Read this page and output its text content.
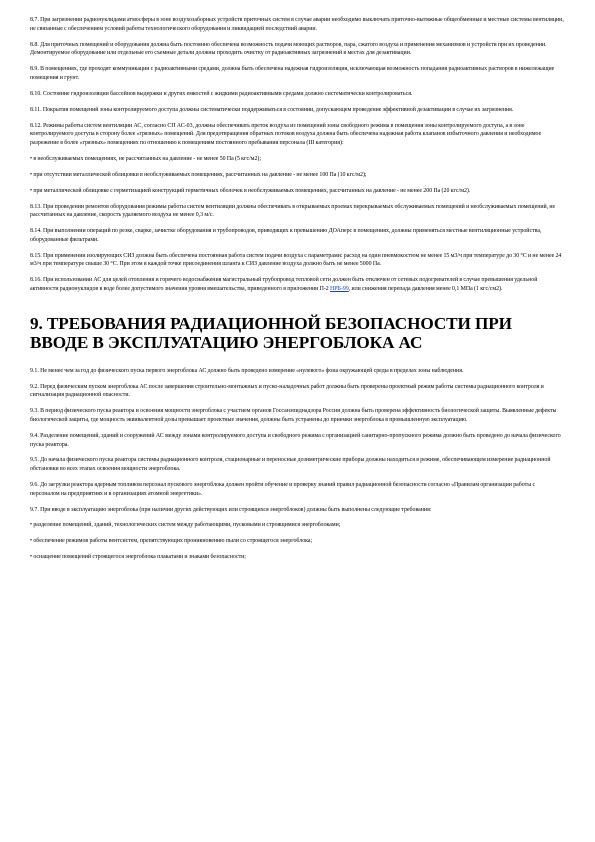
8.7. При загрязнении радионуклидами атмосферы в зоне воздухозаборных устройств приточных систем в случае аварии необходимо выключать приточно-вытяжные общеобменные и местные системы вентиляции, не связанные с обеспечением условий работы технологического оборудования и ликвидацией последствий аварии.

8.8. Для приточных помещений и оборудования должна быть постоянно обеспечена возможность подачи моющих растворов, пара, сжатого воздуха и применения механизмов и устройств при их проведении. Демонтируемое оборудование или отдельные его съемные детали должны проходить очистку от радиоактивных загрязнений в местах для дезактивации.

8.9. В помещениях, где проходят коммуникации с радиоактивными средами, должна быть обеспечена надежная гидроизоляция, исключающая возможность попадания радиоактивных растворов в нижележащие помещения и грунт.

8.10. Состояние гидроизоляции бассейнов выдержки и других емкостей с жидкими радиоактивными средами должно систематически контролироваться.

8.11. Покрытия помещений зоны контролируемого доступа должны систематически поддерживаться в состоянии, допускающем проведение эффективной дезактивации в случае их загрязнения.

8.12. Режимы работы систем вентиляции АС, согласно СП АС-03, должны обеспечивать преток воздуха из помещений зоны свободного режима в помещения зоны контролируемого доступа, а в зоне контролируемого доступа в сторону более «грязных» помещений. Для предотвращения обратных потоков воздуха должна быть обеспечена надежная работа клапанов избыточного давления и необходимое разрежение в более «грязных» помещениях по отношению к помещениям постоянного пребывания персонала (III категория):

• в необслуживаемых помещениях, не рассчитанных на давление - не менее 50 Па (5 кгс/м2);

• при отсутствии металлической облицовки в необслуживаемых помещениях, рассчитанных на давление - не менее 100 Па (10 кгс/м2);

• при металлической облицовке с герметизацией конструкций герметичных оболочек в необслуживаемых помещениях, рассчитанных на давление - не менее 200 Па (20 кгс/м2).

8.13. При проведении ремонтов оборудования режимы работы систем вентиляции должны обеспечивать в открываемых проемах перекрываемых обслуживаемых помещений и необслуживаемых помещений, не рассчитанных на давление, скорость удаляемого воздуха не менее 0,3 м/с.

8.14. При выполнении операций по резке, сварке, зачистке оборудования и трубопроводов, приводящих к превышению ДОАперс в помещениях, должны применяться местные вентиляционные устройства, оборудованные фильтрами.

8.15. При применении изолирующих СИЗ должна быть обеспечена постоянная работа систем подачи воздуха с параметрами: расход на один пневмокостюм не менее 15 м3/ч при температуре до 30 °С и не менее 24 м3/ч при температуре свыше 30 °С. При этом в каждой точке присоединения шланга к СИЗ давление воздуха должно быть не менее 5000 Па.

8.16. При использовании АС для целей отопления и горячего водоснабжения магистральный трубопровод тепловой сети должен быть отключен от сетевых подогревателей в случае превышения удельной активности радионуклидов в воде более допустимого значения уровня вмешательства, приведенного в приложении П-2 НРБ-99, или снижения перепада давления менее 0,1 МПа (1 кгс/см2).

9. ТРЕБОВАНИЯ РАДИАЦИОННОЙ БЕЗОПАСНОСТИ ПРИ ВВОДЕ В ЭКСПЛУАТАЦИЮ ЭНЕРГОБЛОКА АС

9.1. Не менее чем за год до физического пуска первого энергоблока АС должно быть проведено измерение «нулевого» фона окружающей среды в пределах зоны наблюдения.

9.2. Перед физическим пуском энергоблока АС после завершения строительно-монтажных и пуско-наладочных работ должны быть проверены проектный режим работы системы радиационного контроля и сигнализация радиационной опасности.

9.3. В период физического пуска реактора и освоения мощности энергоблока с участием органов Госсанэпиднадзора России должна быть проверена эффективность биологической защиты. Выявленные дефекты биологической защиты, где мощность эквивалентной дозы превышает проектные значения, должны быть устранены до приемки энергоблока в промышленную эксплуатацию.

9.4. Разделение помещений, зданий и сооружений АС между зонами контролируемого доступа и свободного режима с организацией санитарно-пропускного режима должно быть проведено до начала физического пуска реактора.

9.5. До начала физического пуска реактора системы радиационного контроля, стационарные и переносные дозиметрические приборы должны находиться в режиме, обеспечивающем измерение радиационной обстановки во всех этапах освоения мощности энергоблока.

9.6. До загрузки реактора ядерным топливом персонал пускового энергоблока должен пройти обучение и проверку знаний правил радиационной безопасности согласно «Правилам организации работы с персоналом на предприятиях и в организациях атомной энергетики».

9.7. При вводе в эксплуатацию энергоблока (при наличии других действующих или строящихся энергоблоков) должны быть выполнены следующие требования:

• разделение помещений, зданий, технологических систем между работающими, пусковыми и строящимися энергоблоками;

• обеспечение режимов работы вентсистем, препятствующих проникновению пыли со строящегося энергоблока;

• оснащение помещений строящегося энергоблока плакатами и знаками безопасности;
